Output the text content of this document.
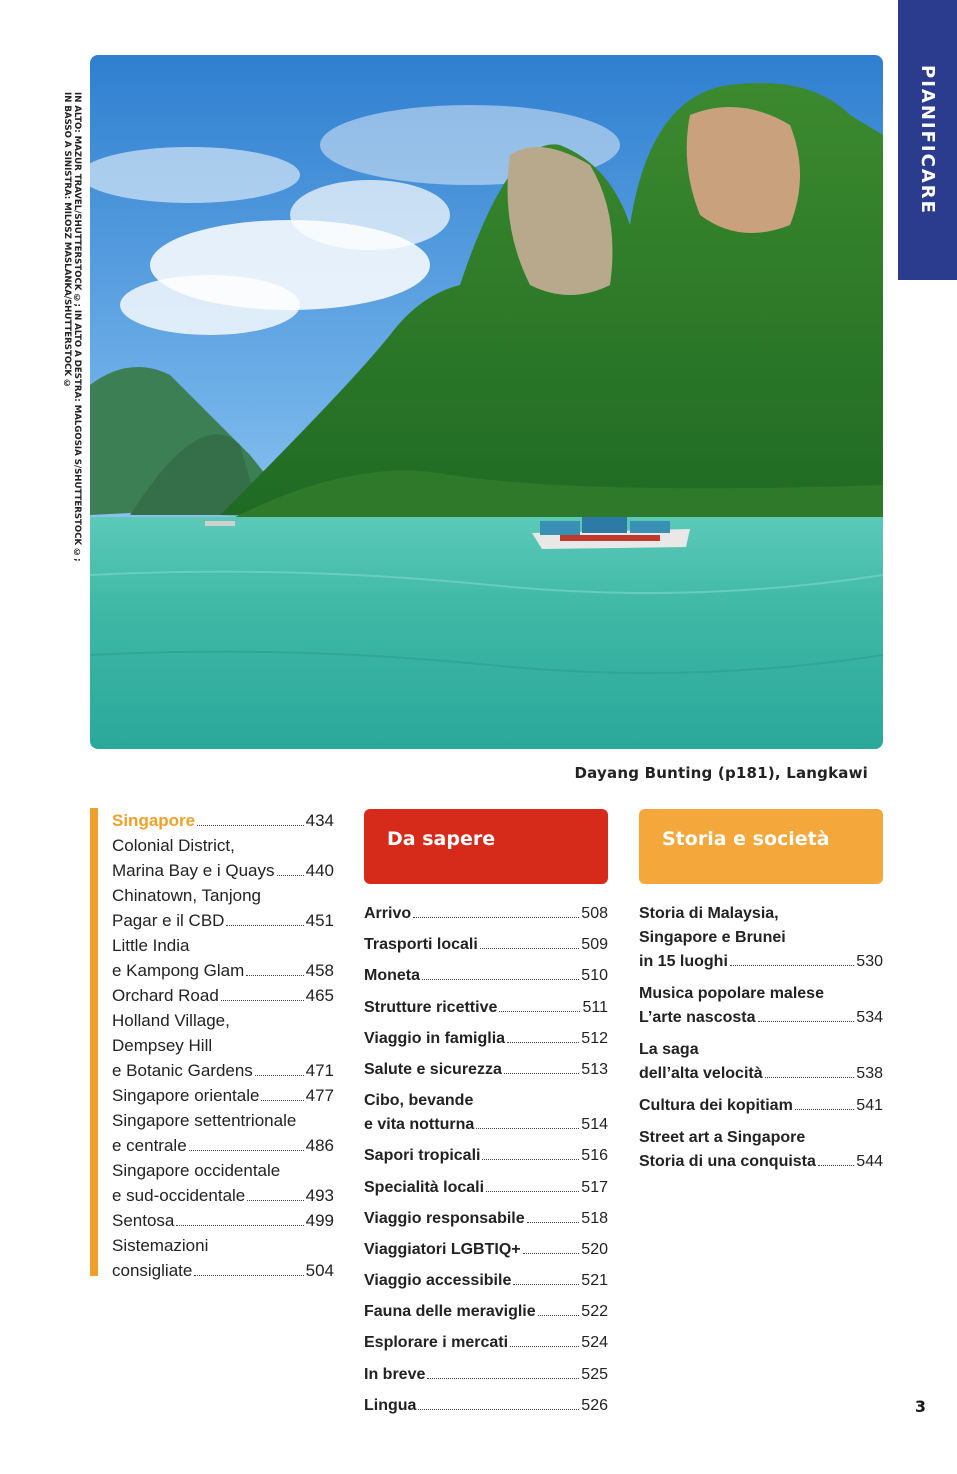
PIANIFICARE
IN ALTO: MAZUR TRAVEL/SHUTTERSTOCK ©; IN ALTO A DESTRA: MALGOSIA S/SHUTTERSTOCK ©;
IN BASSO A SINISTRA: MILOSZ MASLANKA/SHUTTERSTOCK ©
Dayang Bunting (p181), Langkawi
Singapore	434
Colonial District,
Marina Bay e i Quays 440
Chinatown, Tanjong
Pagar e il CBD	451
Little India
e Kampong Glam	458
Orchard Road	465
Holland Village,
Dempsey Hill
e Botanic Gardens	471
Singapore orientale	477
Singapore settentrionale
e centrale	486
Singapore occidentale
e sud-occidentale	493
Sentosa	499
Sistemazioni
consigliate	504
Da sapere
Arrivo	508
Trasporti locali	509
Moneta	510
Strutture ricettive	511
Viaggio in famiglia	512
Salute e sicurezza	513
Cibo, bevande
e vita notturna	514
Sapori tropicali	516
Specialità locali	517
Viaggio responsabile	518
Viaggiatori LGBTIQ+	520
Viaggio accessibile	521
Fauna delle meraviglie	522
Esplorare i mercati	524
In breve	525
Lingua	526
Storia e società
Storia di Malaysia,
Singapore e Brunei
in 15 luoghi	530
Musica popolare malese
L’arte nascosta	534
La saga
dell’alta velocità	538
Cultura dei kopitiam	541
Street art a Singapore
Storia di una conquista	544
3
